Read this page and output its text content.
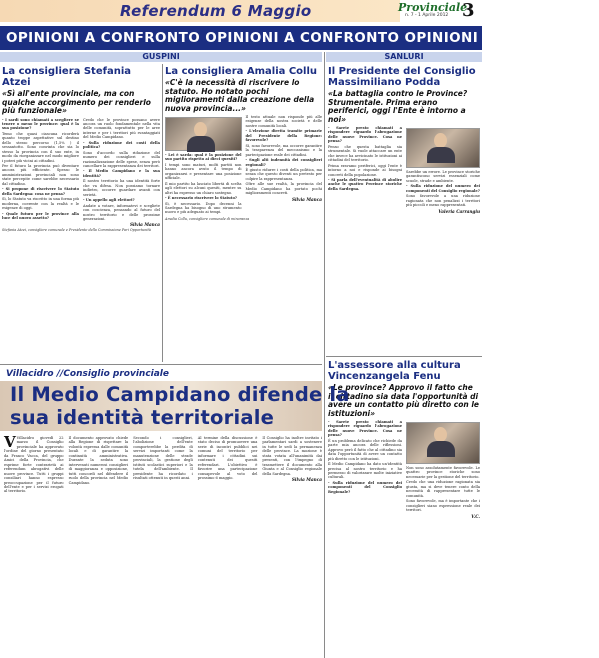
Referendum 6 Maggio	Provinciale
n. 7 - 1 Aprile 2012 3
OPINIONI A CONFRONTO OPINIONI A CONFRONTO OPINIONI A CONFRONTO
GUSPINI	SANLURI
La consigliera Stefania Atzei
«Sì all'ente provinciale, ma con qualche accorgimento per renderlo più funzionale»

- I sardi sono chiamati a scegliere se tenere o meno le province: qual è la sua posizione?

Temo che quasi ciascuna ricorderà quanto troppe aspettative sul destino dello stesso percorso (1,5% ) il sessantotto. Sono convinta che sia lo stesso la provincia con il suo ente, in modo da riorganizzare nel modo migliore i poteri più vicini ai cittadini.

Per il futuro la provincia può diventare ancora più efficiente. Spesso le amministrazioni provinciali non sono state percepite come sarebbe necessario dal cittadino.

- Si propone di riscrivere lo Statuto della Sardegna: cosa ne pensa?

Sì, lo Statuto va riscritto in una forma più moderna, coerente con la realtà e le esigenze di oggi.

- Quale futuro per le province alla luce del nuovo assetto?

Credo che le province possano avere ancora un ruolo fondamentale nella vita delle comunità, soprattutto per le aree interne e per i territori più svantaggiati del Medio Campidano.

- Sulla riduzione dei costi della politica?

Sono d'accordo sulla riduzione del numero dei consiglieri e sulla razionalizzazione delle spese, senza però cancellare la rappresentanza dei territori.

- Il Medio Campidano e la sua identità?

Il nostro territorio ha una identità forte che va difesa. Non possiamo tornare indietro, occorre guardare avanti con serietà.

- Un appello agli elettori?

Andate a votare, informatevi e scegliete con coscienza, pensando al futuro del nostro territorio e delle prossime generazioni.

Silvia Manca
Stefania Atzei, consigliere comunale e Presidente della Commissione Pari Opportunità
La consigliera Amalia Collu
«C'è la necessità di riscrivere lo statuto. Ho notato pochi miglioramenti dalla creazione della nuova provincia...»

- Lei è sarda: qual è la posizione del suo partito rispetto ai dieci quesiti?

I tempi sono maturi, molti partiti non hanno ancora avuto il tempo di organizzarsi e presentare una posizione ufficiale.

Il mio partito ha lasciato libertà di scelta agli elettori su alcuni quesiti, mentre su altri ha espresso un chiaro sostegno.

- È necessario riscrivere lo Statuto?

Sì, è necessario. Dopo decenni la Sardegna ha bisogno di uno strumento nuovo e più adeguato ai tempi.

Il testo attuale non risponde più alle esigenze della nostra società e delle nostre comunità locali.

- L'elezione diretta tramite primarie del Presidente della Regione: favorevole?

Sì, sono favorevole, ma occorre garantire la trasparenza del meccanismo e la partecipazione reale dei cittadini.

- Sugli alti indennità dei consiglieri regionali?

È giusto ridurre i costi della politica, ma senza che questo diventi un pretesto per colpire la rappresentanza.

Oltre alle sue realtà, la provincia del Medio Campidano ha portato pochi miglioramenti concreti.

Silvia Manca
Amalia Collu, consigliere comunale di minoranza
Il Presidente del Consiglio Massimiliano Podda
«La battaglia contro le Province? Strumentale. Prima erano periferici, oggi l'Ente è intorno a noi»

- Sarete presto chiamati a rispondere riguardo l'abrogazione delle nuove Province. Cosa ne pensa?

Penso che questa battaglia sia strumentale. Si vuole attaccare un ente che invece ha avvicinato le istituzioni ai cittadini del territorio.

Prima eravamo periferici, oggi l'ente è intorno a noi e risponde ai bisogni concreti della popolazione.

- Si parla dell'eventualità di abolire anche le quattro Province storiche della Sardegna.

Sarebbe un errore. Le province storiche garantiscono servizi essenziali come scuole, strade e ambiente.

- Sulla riduzione del numero dei componenti del Consiglio regionale?

Sono favorevole a una riduzione ragionata che non penalizzi i territori più piccoli e meno rappresentati.

Valeria Carrangiu
L'assessore alla cultura Vincenzangela Fenu
«Le province? Approvo il fatto che il cittadino sia data l'opportunità di avere un contatto più diretto con le istituzioni»

- Sarete presto chiamati a rispondere riguardo l'abrogazione delle nuove Province. Cosa ne pensa?

È un problema delicato che richiede da parte mia ancora delle riflessioni. Approvo però il fatto che al cittadino sia data l'opportunità di avere un contatto più diretto con le istituzioni.

Il Medio Campidano ha dato un'identità precisa al nostro territorio e ha permesso di valorizzare molte iniziative culturali.

- Sulla riduzione del numero dei componenti del Consiglio Regionale?

Non sono assolutamente favorevole. Le quattro province storiche sono necessarie per la gestione del territorio.

Credo che una riduzione ragionata sia giusta, ma si deve tenere conto della necessità di rappresentare tutte le comunità.

Sono favorevole, ma è importante che i consiglieri siano espressione reale dei territori.

V.C.
Villacidro //Consiglio provinciale
Il Medio Campidano difende la
sua identità territoriale

V Villacidro giovedì 22 marzo il Consiglio provinciale ha approvato l'ordine del giorno presentato da Franco Vacca, del gruppo Amici della Provincia, che esprime forte contrarietà ai referendum abrogativi delle nuove province. Tutti i gruppi consiliari hanno espresso preoccupazione per il futuro dell'ente e per i servizi erogati al territorio.

Il documento approvato chiede alla Regione di rispettare la volontà espressa dalle comunità locali e di garantire la continuità amministrativa. Durante la seduta sono intervenuti numerosi consiglieri di maggioranza e opposizione, tutti concordi nel difendere il ruolo della provincia nel Medio Campidano.

Secondo i consiglieri, l'abolizione dell'ente comporterebbe la perdita di servizi importanti come la manutenzione delle strade provinciali, la gestione degli istituti scolastici superiori e la tutela dell'ambiente. Il presidente ha ricordato i risultati ottenuti in questi anni.

Al termine della discussione è stato deciso di promuovere una serie di incontri pubblici nei comuni del territorio per informare i cittadini sui contenuti dei quesiti referendari. L'obiettivo è favorire una partecipazione consapevole al voto del prossimo 6 maggio.

Il Consiglio ha inoltre invitato i parlamentari sardi a sostenere in tutte le sedi la permanenza delle province. La mozione è stata votata all'unanimità dai presenti, con l'impegno di trasmettere il documento alla Giunta e al Consiglio regionale della Sardegna.

Silvia Manca
